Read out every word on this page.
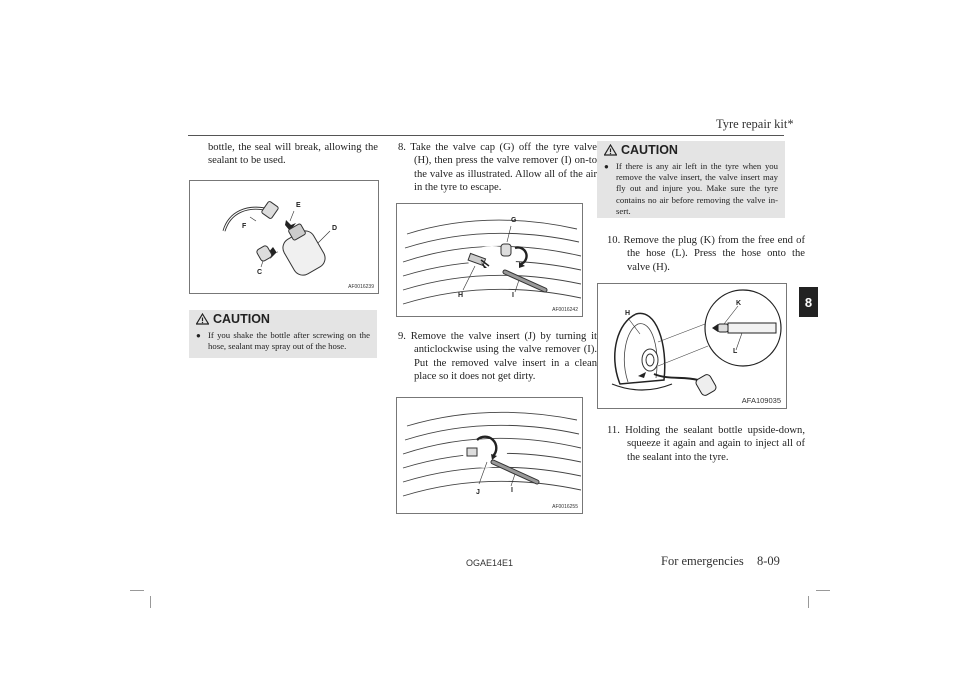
Tyre repair kit*
8
bottle, the seal will break, allowing the sealant to be used.
F
E
D
C
AF0016239
CAUTION
● If you shake the bottle after screwing on the hose, sealant may spray out of the hose.
8. Take the valve cap (G) off the tyre valve (H), then press the valve remover (I) on-to the valve as illustrated. Allow all of the air in the tyre to escape.
G
H	I
AF0016242
9. Remove the valve insert (J) by turning it anticlockwise using the valve remover (I). Put the removed valve insert in a clean place so it does not get dirty.
J	I
AF0016255
CAUTION
● If there is any air left in the tyre when you remove the valve insert, the valve insert may fly out and injure you. Make sure the tyre contains no air before removing the valve in-sert.
10. Remove the plug (K) from the free end of the hose (L). Press the hose onto the valve (H).
H
K
L
AFA109035
11. Holding the sealant bottle upside-down, squeeze it again and again to inject all of the sealant into the tyre.
OGAE14E1	For emergencies 8-09
